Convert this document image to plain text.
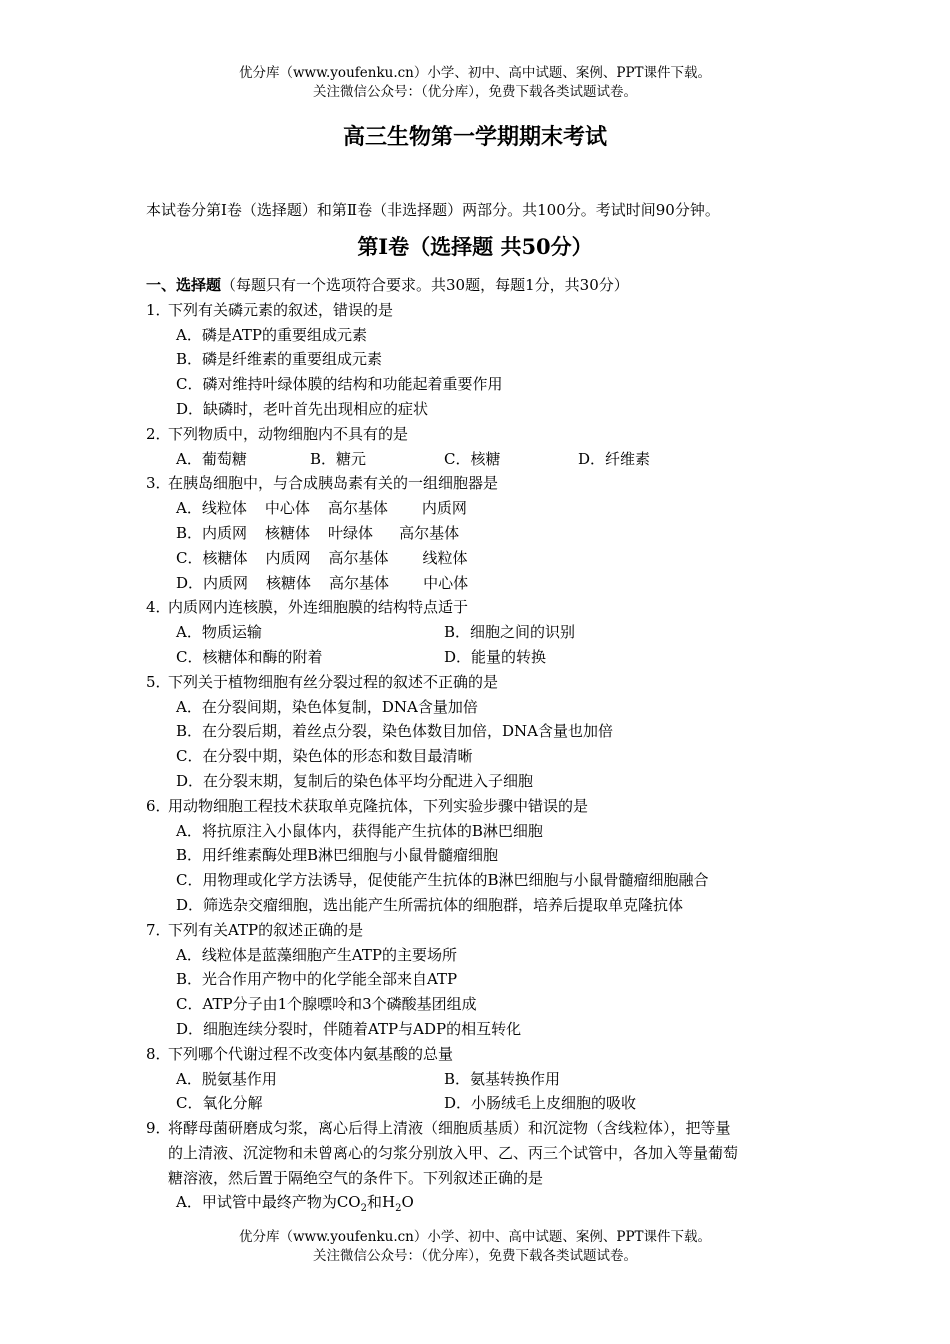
优分库（www.youfenku.cn）小学、初中、高中试题、案例、PPT课件下载。
关注微信公众号：（优分库），免费下载各类试题试卷。
高三生物第一学期期末考试
本试卷分第Ⅰ卷（选择题）和第Ⅱ卷（非选择题）两部分。共100分。考试时间90分钟。
第Ⅰ卷（选择题 共50分）
一、选择题（每题只有一个选项符合要求。共30题，每题1分，共30分）
1．下列有关磷元素的叙述，错误的是
A．磷是ATP的重要组成元素
B．磷是纤维素的重要组成元素
C．磷对维持叶绿体膜的结构和功能起着重要作用
D．缺磷时，老叶首先出现相应的症状
2．下列物质中，动物细胞内不具有的是
A．葡萄糖	B．糖元	C．核糖	D．纤维素
3．在胰岛细胞中，与合成胰岛素有关的一组细胞器是
A．线粒体 中心体 高尔基体 内质网
B．内质网 核糖体 叶绿体 高尔基体
C．核糖体 内质网 高尔基体 线粒体
D．内质网 核糖体 高尔基体 中心体
4．内质网内连核膜，外连细胞膜的结构特点适于
A．物质运输	B．细胞之间的识别
C．核糖体和酶的附着	D．能量的转换
5．下列关于植物细胞有丝分裂过程的叙述不正确的是
A．在分裂间期，染色体复制，DNA含量加倍
B．在分裂后期，着丝点分裂，染色体数目加倍，DNA含量也加倍
C．在分裂中期，染色体的形态和数目最清晰
D．在分裂末期，复制后的染色体平均分配进入子细胞
6．用动物细胞工程技术获取单克隆抗体，下列实验步骤中错误的是
A．将抗原注入小鼠体内，获得能产生抗体的B淋巴细胞
B．用纤维素酶处理B淋巴细胞与小鼠骨髓瘤细胞
C．用物理或化学方法诱导，促使能产生抗体的B淋巴细胞与小鼠骨髓瘤细胞融合
D．筛选杂交瘤细胞，选出能产生所需抗体的细胞群，培养后提取单克隆抗体
7．下列有关ATP的叙述正确的是
A．线粒体是蓝藻细胞产生ATP的主要场所
B．光合作用产物中的化学能全部来自ATP
C．ATP分子由1个腺嘌呤和3个磷酸基团组成
D．细胞连续分裂时，伴随着ATP与ADP的相互转化
8．下列哪个代谢过程不改变体内氨基酸的总量
A．脱氨基作用	B．氨基转换作用
C．氧化分解	D．小肠绒毛上皮细胞的吸收
9．将酵母菌研磨成匀浆，离心后得上清液（细胞质基质）和沉淀物（含线粒体），把等量
的上清液、沉淀物和未曾离心的匀浆分别放入甲、乙、丙三个试管中，各加入等量葡萄
糖溶液，然后置于隔绝空气的条件下。下列叙述正确的是
A．甲试管中最终产物为$CO_2$和$H_2O$
优分库（www.youfenku.cn）小学、初中、高中试题、案例、PPT课件下载。
关注微信公众号：（优分库），免费下载各类试题试卷。
